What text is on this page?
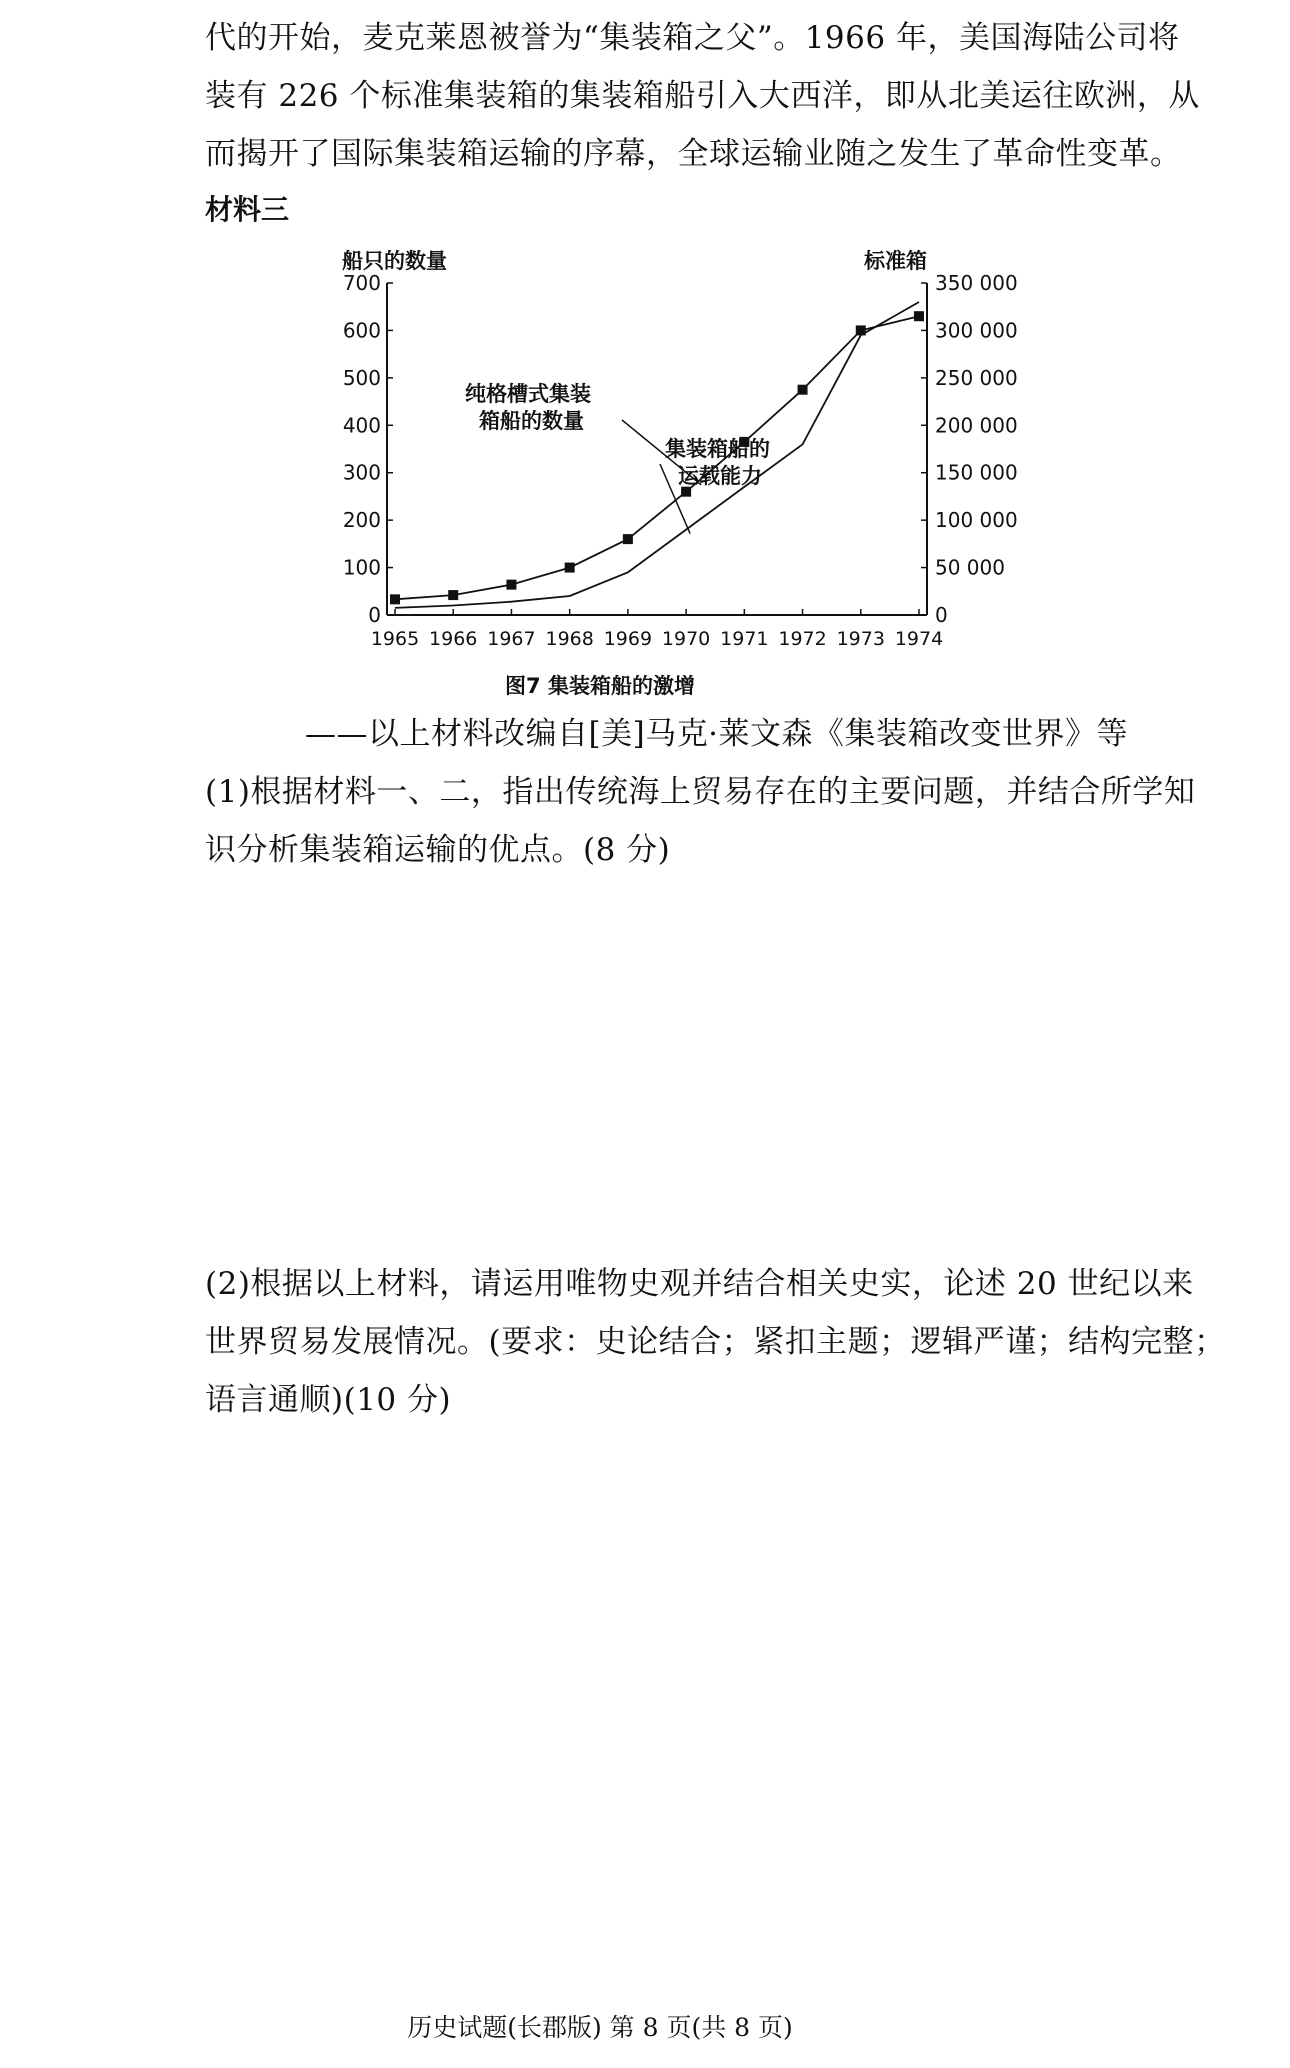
代的开始，麦克莱恩被誉为“集装箱之父”。1966 年，美国海陆公司将
装有 226 个标准集装箱的集装箱船引入大西洋，即从北美运往欧洲，从
而揭开了国际集装箱运输的序幕，全球运输业随之发生了革命性变革。
材料三
船只的数量	标准箱
0
100
200
300
400
500
600
700
0
50 000
100 000
150 000
200 000
250 000
300 000
350 000
1965 1966 1967 1968 1969 1970 1971 1972 1973 1974
纯格槽式集装
箱船的数量
集装箱船的
运载能力
图7 集装箱船的激增
——以上材料改编自[美]马克·莱文森《集装箱改变世界》等
(1)根据材料一、二，指出传统海上贸易存在的主要问题，并结合所学知
识分析集装箱运输的优点。(8 分)
(2)根据以上材料，请运用唯物史观并结合相关史实，论述 20 世纪以来
世界贸易发展情况。(要求：史论结合；紧扣主题；逻辑严谨；结构完整；
语言通顺)(10 分)
历史试题(长郡版) 第 8 页(共 8 页)
